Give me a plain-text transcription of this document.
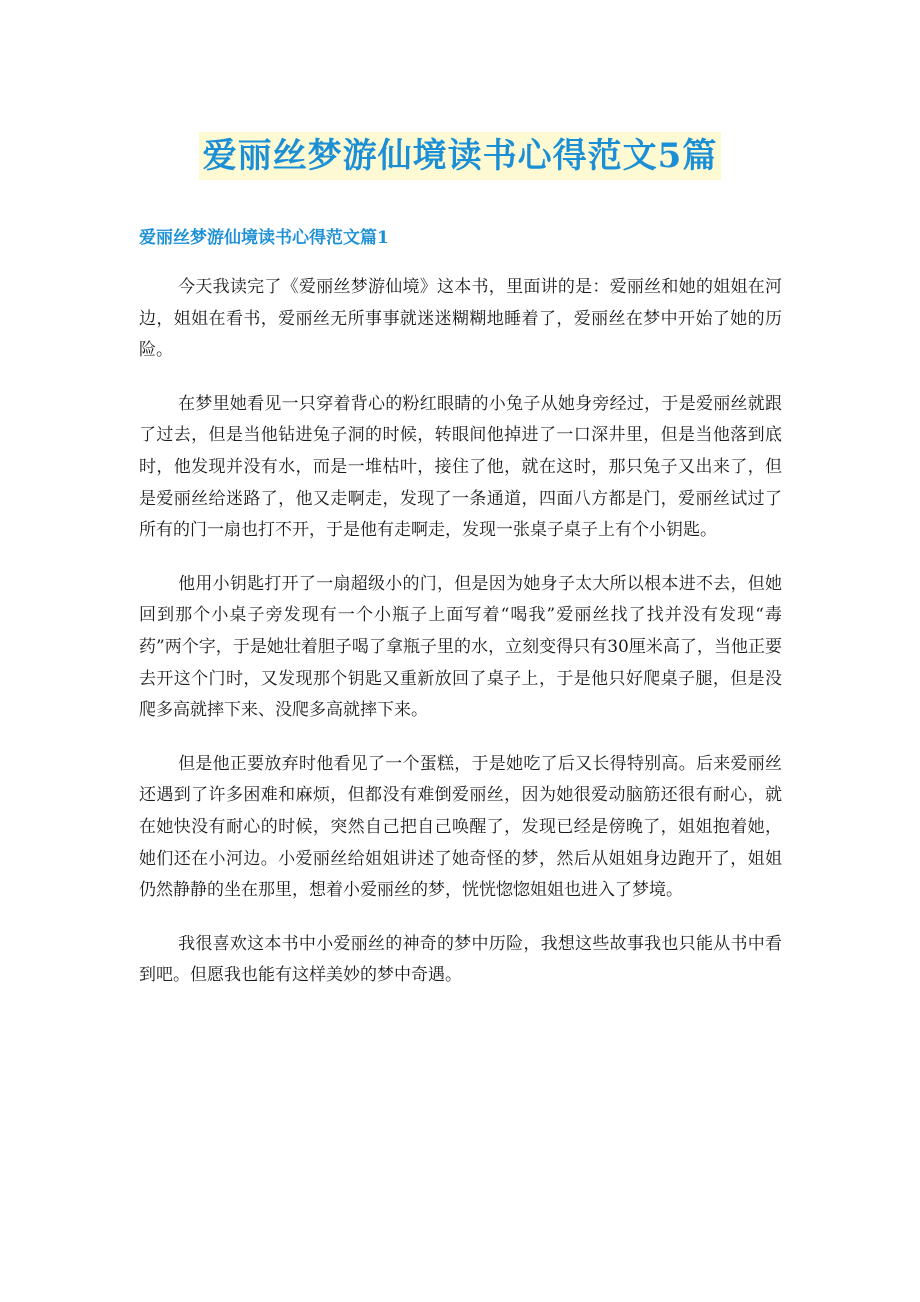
爱丽丝梦游仙境读书心得范文5篇
爱丽丝梦游仙境读书心得范文篇1

今天我读完了《爱丽丝梦游仙境》这本书，里面讲的是：爱丽丝和她的姐姐在河边，姐姐在看书，爱丽丝无所事事就迷迷糊糊地睡着了，爱丽丝在梦中开始了她的历险。

在梦里她看见一只穿着背心的粉红眼睛的小兔子从她身旁经过，于是爱丽丝就跟了过去，但是当他钻进兔子洞的时候，转眼间他掉进了一口深井里，但是当他落到底时，他发现并没有水，而是一堆枯叶，接住了他，就在这时，那只兔子又出来了，但是爱丽丝给迷路了，他又走啊走，发现了一条通道，四面八方都是门，爱丽丝试过了所有的门一扇也打不开，于是他有走啊走，发现一张桌子桌子上有个小钥匙。

他用小钥匙打开了一扇超级小的门，但是因为她身子太大所以根本进不去，但她回到那个小桌子旁发现有一个小瓶子上面写着“喝我”爱丽丝找了找并没有发现“毒药”两个字，于是她壮着胆子喝了拿瓶子里的水，立刻变得只有30厘米高了，当他正要去开这个门时，又发现那个钥匙又重新放回了桌子上，于是他只好爬桌子腿，但是没爬多高就摔下来、没爬多高就摔下来。

但是他正要放弃时他看见了一个蛋糕，于是她吃了后又长得特别高。后来爱丽丝还遇到了许多困难和麻烦，但都没有难倒爱丽丝，因为她很爱动脑筋还很有耐心，就在她快没有耐心的时候，突然自己把自己唤醒了，发现已经是傍晚了，姐姐抱着她，她们还在小河边。小爱丽丝给姐姐讲述了她奇怪的梦，然后从姐姐身边跑开了，姐姐仍然静静的坐在那里，想着小爱丽丝的梦，恍恍惚惚姐姐也进入了梦境。

我很喜欢这本书中小爱丽丝的神奇的梦中历险，我想这些故事我也只能从书中看到吧。但愿我也能有这样美妙的梦中奇遇。
